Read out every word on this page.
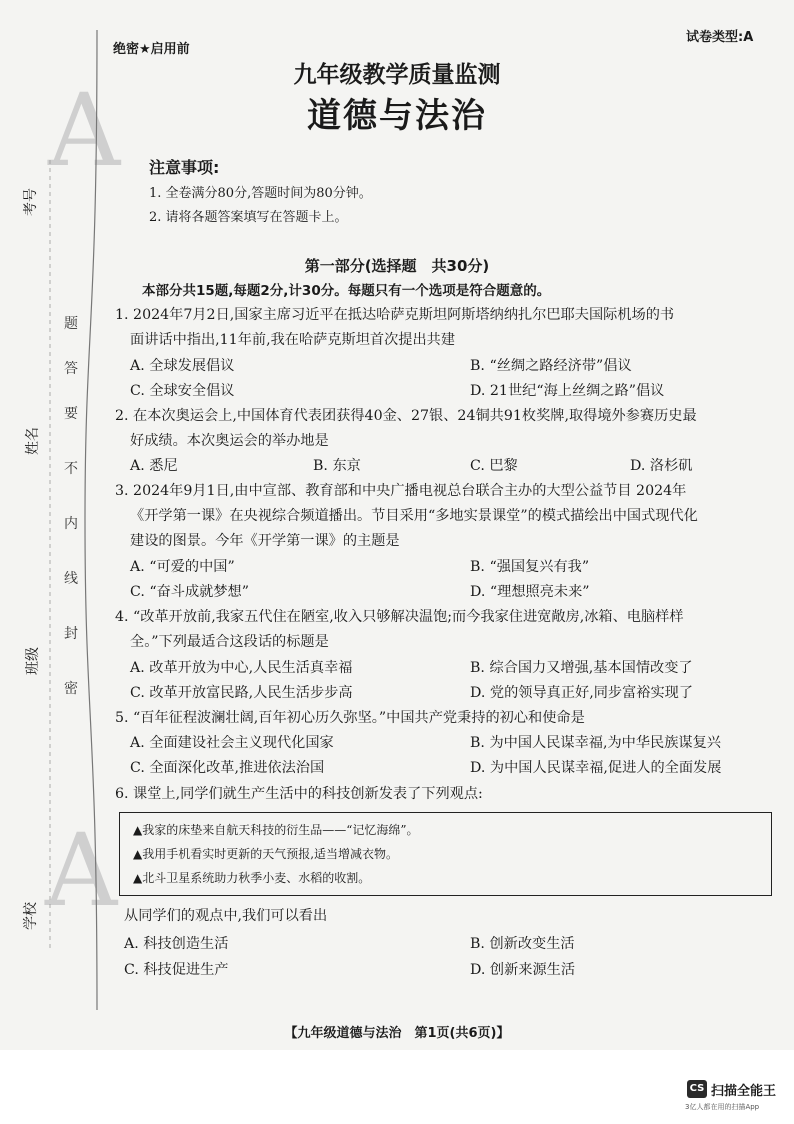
A
A
绝密★启用前
试卷类型:A
九年级教学质量监测
道德与法治
注意事项:
1. 全卷满分80分,答题时间为80分钟。
2. 请将各题答案填写在答题卡上。
第一部分(选择题　共30分)
本部分共15题,每题2分,计30分。每题只有一个选项是符合题意的。
1. 2024年7月2日,国家主席习近平在抵达哈萨克斯坦阿斯塔纳纳扎尔巴耶夫国际机场的书
面讲话中指出,11年前,我在哈萨克斯坦首次提出共建
A. 全球发展倡议	B. “丝绸之路经济带”倡议
C. 全球安全倡议	D. 21世纪“海上丝绸之路”倡议
2. 在本次奥运会上,中国体育代表团获得40金、27银、24铜共91枚奖牌,取得境外参赛历史最
好成绩。本次奥运会的举办地是
A. 悉尼	B. 东京	C. 巴黎	D. 洛杉矶
3. 2024年9月1日,由中宣部、教育部和中央广播电视总台联合主办的大型公益节目 2024年
《开学第一课》在央视综合频道播出。节目采用“多地实景课堂”的模式描绘出中国式现代化
建设的图景。今年《开学第一课》的主题是
A. “可爱的中国”	B. “强国复兴有我”
C. “奋斗成就梦想”	D. “理想照亮未来”
4. “改革开放前,我家五代住在陋室,收入只够解决温饱;而今我家住进宽敞房,冰箱、电脑样样
全。”下列最适合这段话的标题是
A. 改革开放为中心,人民生活真幸福	B. 综合国力又增强,基本国情改变了
C. 改革开放富民路,人民生活步步高	D. 党的领导真正好,同步富裕实现了
5. “百年征程波澜壮阔,百年初心历久弥坚。”中国共产党秉持的初心和使命是
A. 全面建设社会主义现代化国家	B. 为中国人民谋幸福,为中华民族谋复兴
C. 全面深化改革,推进依法治国	D. 为中国人民谋幸福,促进人的全面发展
6. 课堂上,同学们就生产生活中的科技创新发表了下列观点:
▲我家的床垫来自航天科技的衍生品——“记忆海绵”。
▲我用手机看实时更新的天气预报,适当增减衣物。
▲北斗卫星系统助力秋季小麦、水稻的收割。
从同学们的观点中,我们可以看出
A. 科技创造生活	B. 创新改变生活
C. 科技促进生产	D. 创新来源生活
【九年级道德与法治　第1页(共6页)】
考号
姓名
班级
学校
密
封
线
内
不
要
答
题
CS 扫描全能王
3亿人都在用的扫描App
